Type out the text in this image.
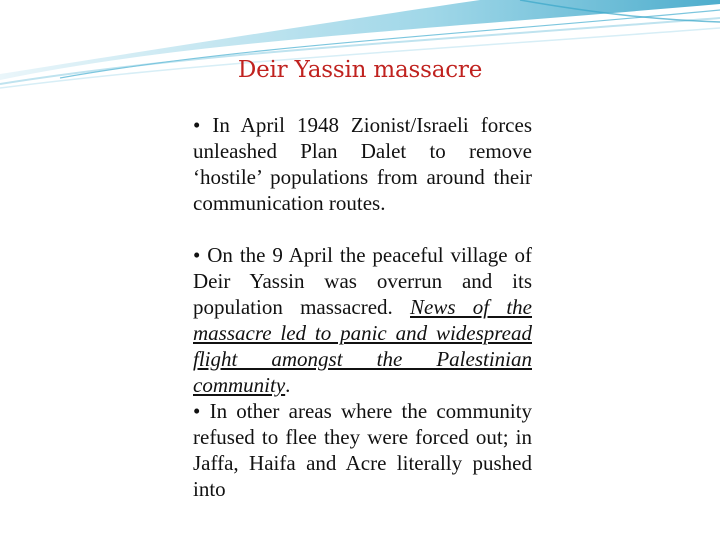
Deir Yassin massacre

• In April 1948 Zionist/Israeli forces unleashed Plan Dalet to remove ‘hostile’ populations from around their communication routes.

• On the 9 April the peaceful village of Deir Yassin was overrun and its population massacred. News of the massacre led to panic and widespread flight amongst the Palestinian community.

• In other areas where the community refused to flee they were forced out; in Jaffa, Haifa and Acre literally pushed into
